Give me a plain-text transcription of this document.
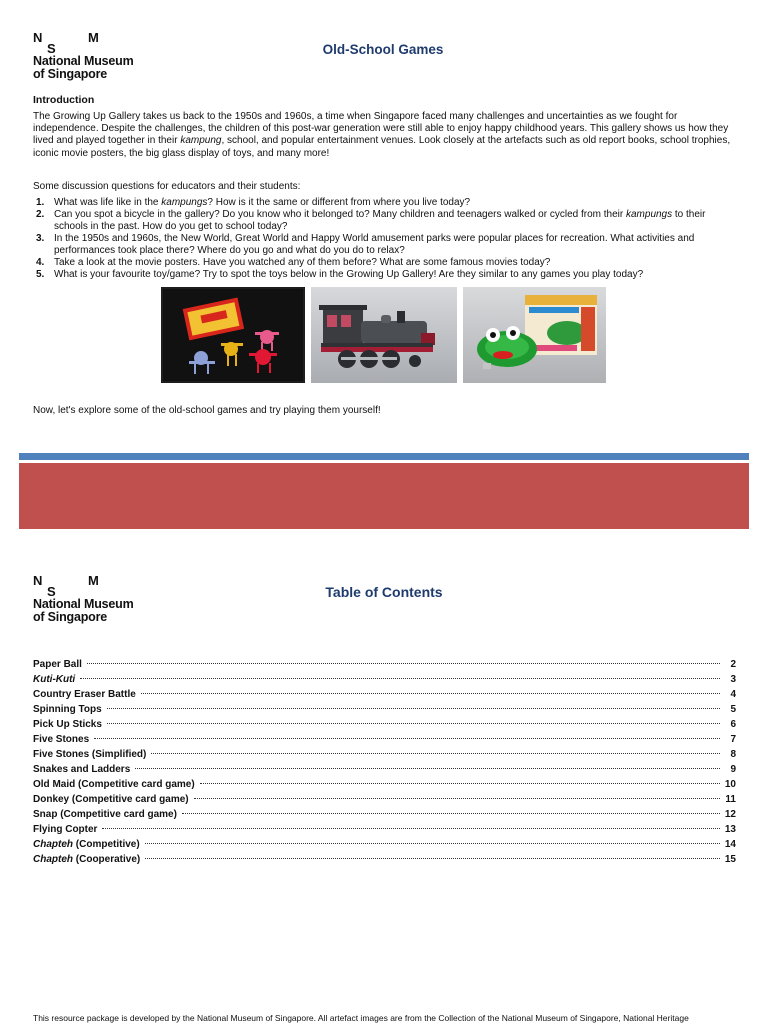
N	M
S
National Museum
of Singapore
Old-School Games
Introduction
The Growing Up Gallery takes us back to the 1950s and 1960s, a time when Singapore faced many challenges and uncertainties as we fought for independence. Despite the challenges, the children of this post-war generation were still able to enjoy happy childhood years. This gallery shows us how they lived and played together in their kampung, school, and popular entertainment venues. Look closely at the artefacts such as old report books, school trophies, iconic movie posters, the big glass display of toys, and many more!
Some discussion questions for educators and their students:
1. What was life like in the kampungs? How is it the same or different from where you live today?
2. Can you spot a bicycle in the gallery? Do you know who it belonged to? Many children and teenagers walked or cycled from their kampungs to their schools in the past. How do you get to school today?
3. In the 1950s and 1960s, the New World, Great World and Happy World amusement parks were popular places for recreation. What activities and performances took place there? Where do you go and what do you do to relax?
4. Take a look at the movie posters. Have you watched any of them before? What are some famous movies today?
5. What is your favourite toy/game? Try to spot the toys below in the Growing Up Gallery! Are they similar to any games you play today?
Now, let's explore some of the old-school games and try playing them yourself!
N	M
S
National Museum
of Singapore
Table of Contents
Paper Ball	2
Kuti-Kuti	3
Country Eraser Battle	4
Spinning Tops	5
Pick Up Sticks	6
Five Stones	7
Five Stones (Simplified)	8
Snakes and Ladders	9
Old Maid (Competitive card game)	10
Donkey (Competitive card game)	11
Snap (Competitive card game)	12
Flying Copter	13
Chapteh (Competitive)	14
Chapteh (Cooperative)	15
This resource package is developed by the National Museum of Singapore. All artefact images are from the Collection of the National Museum of Singapore, National Heritage
